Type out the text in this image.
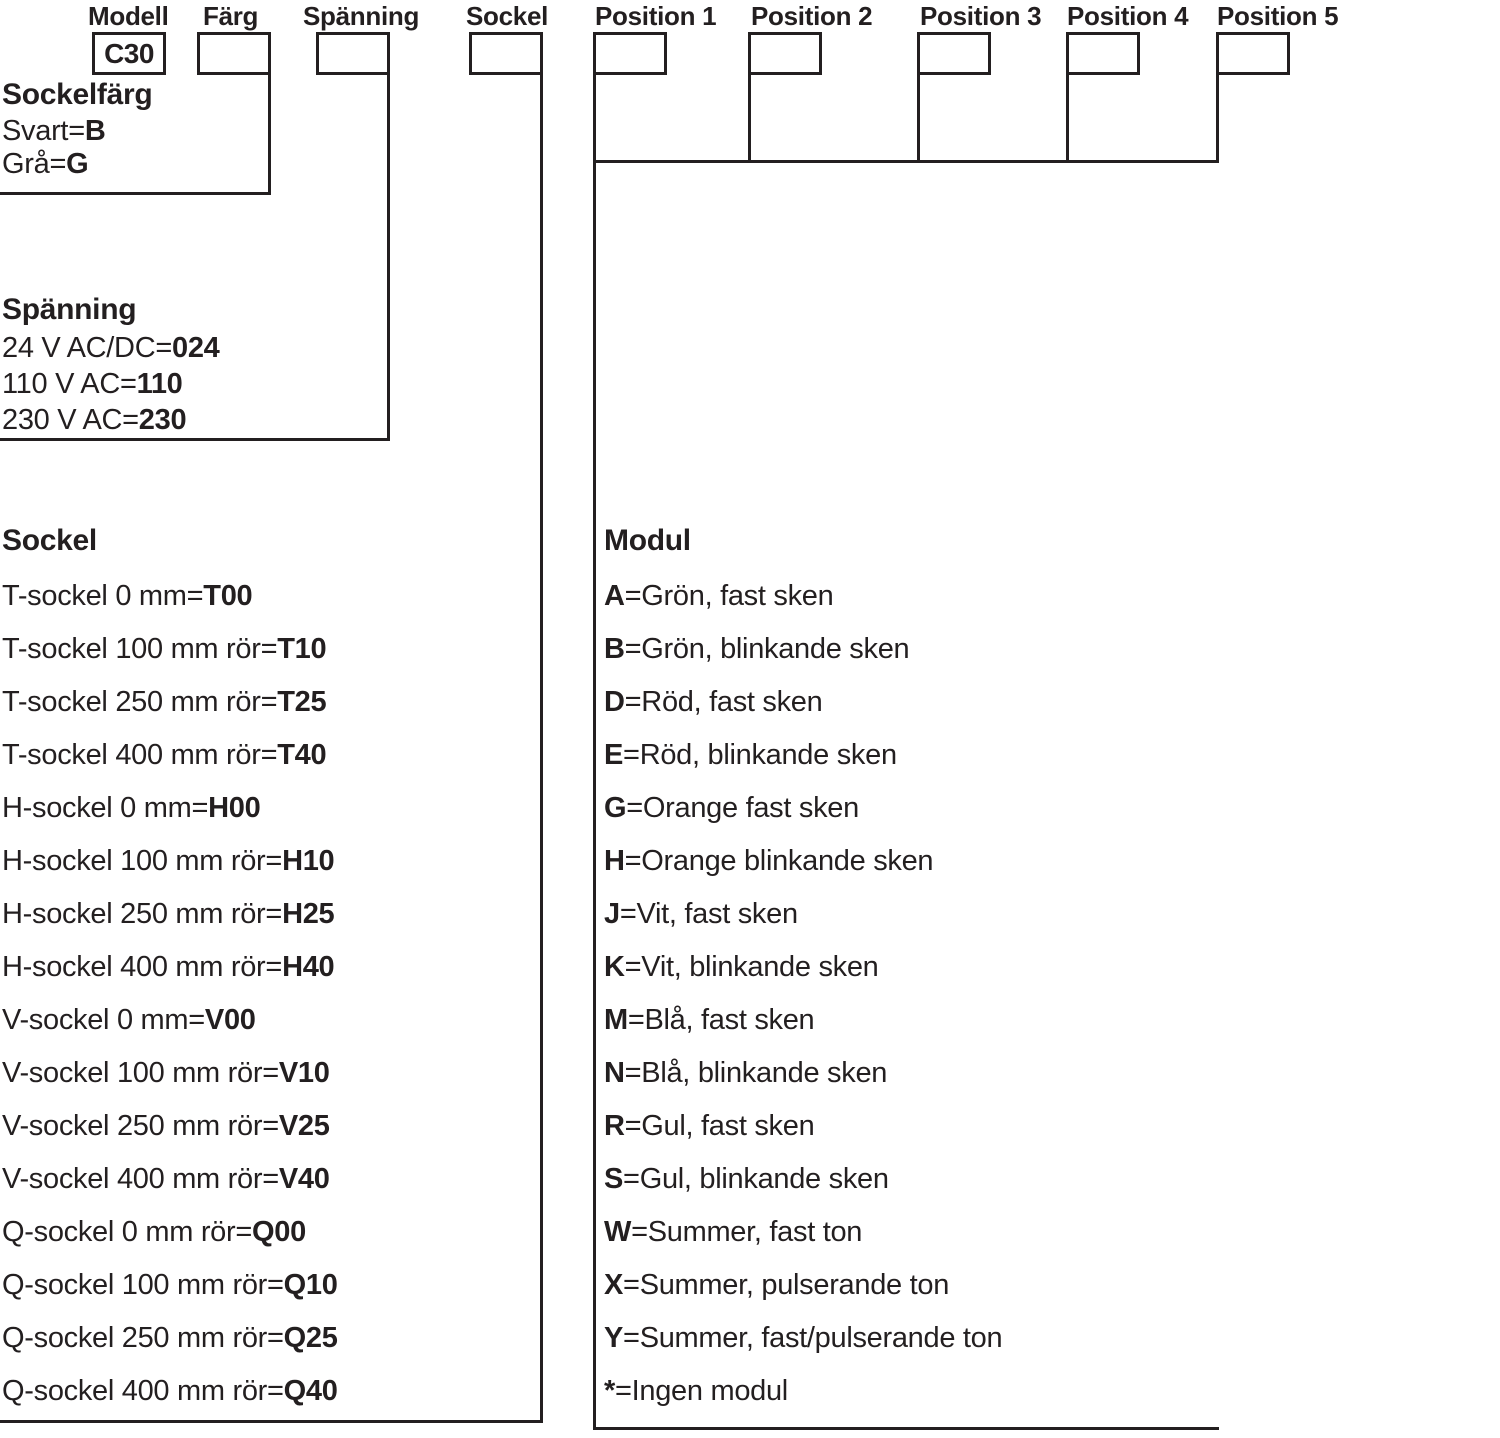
Modell Färg Spänning Sockel Position 1 Position 2 Position 3 Position 4 Position 5
C30
Sockelfärg
Svart=B
Grå=G
Spänning
24 V AC/DC=024
110 V AC=110
230 V AC=230
Sockel
T-sockel 0 mm=T00
T-sockel 100 mm rör=T10
T-sockel 250 mm rör=T25
T-sockel 400 mm rör=T40
H-sockel 0 mm=H00
H-sockel 100 mm rör=H10
H-sockel 250 mm rör=H25
H-sockel 400 mm rör=H40
V-sockel 0 mm=V00
V-sockel 100 mm rör=V10
V-sockel 250 mm rör=V25
V-sockel 400 mm rör=V40
Q-sockel 0 mm rör=Q00
Q-sockel 100 mm rör=Q10
Q-sockel 250 mm rör=Q25
Q-sockel 400 mm rör=Q40
Modul
A=Grön, fast sken
B=Grön, blinkande sken
D=Röd, fast sken
E=Röd, blinkande sken
G=Orange fast sken
H=Orange blinkande sken
J=Vit, fast sken
K=Vit, blinkande sken
M=Blå, fast sken
N=Blå, blinkande sken
R=Gul, fast sken
S=Gul, blinkande sken
W=Summer, fast ton
X=Summer, pulserande ton
Y=Summer, fast/pulserande ton
*=Ingen modul
